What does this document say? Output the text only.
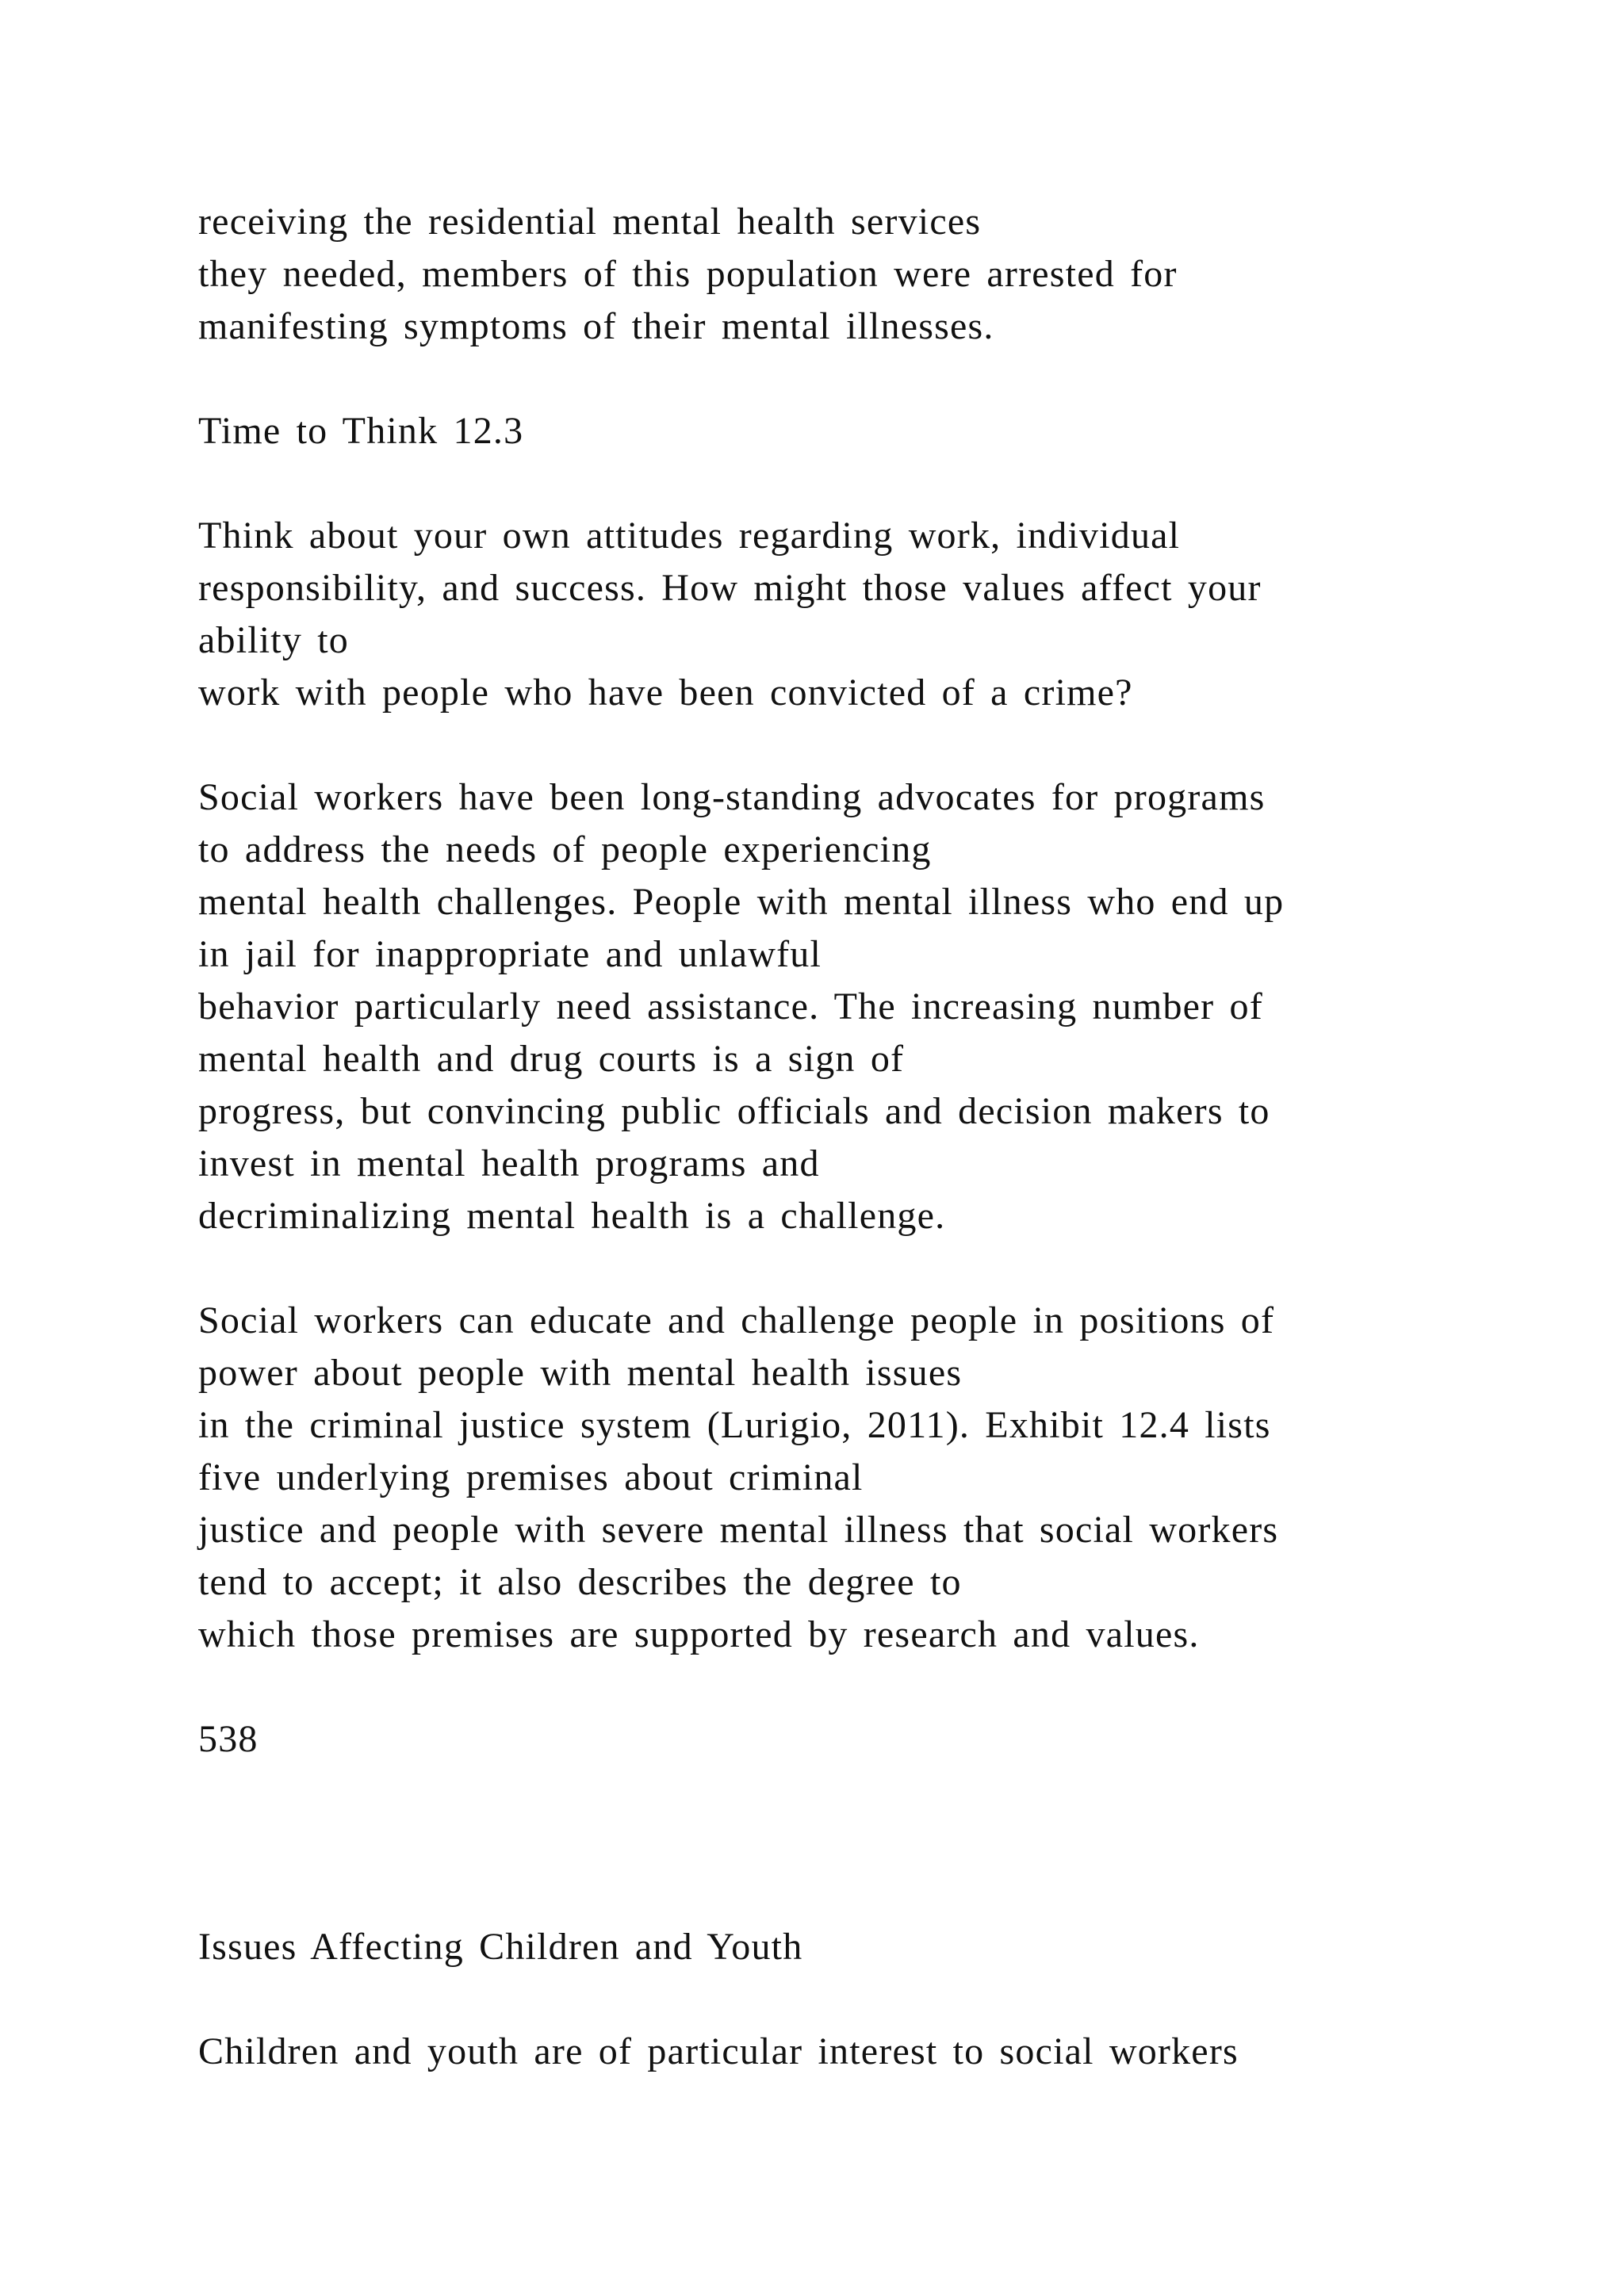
receiving the residential mental health services
they needed, members of this population were arrested for
manifesting symptoms of their mental illnesses.
Time to Think 12.3
Think about your own attitudes regarding work, individual
responsibility, and success. How might those values affect your
ability to
work with people who have been convicted of a crime?
Social workers have been long-standing advocates for programs
to address the needs of people experiencing
mental health challenges. People with mental illness who end up
in jail for inappropriate and unlawful
behavior particularly need assistance. The increasing number of
mental health and drug courts is a sign of
progress, but convincing public officials and decision makers to
invest in mental health programs and
decriminalizing mental health is a challenge.
Social workers can educate and challenge people in positions of
power about people with mental health issues
in the criminal justice system (Lurigio, 2011). Exhibit 12.4 lists
five underlying premises about criminal
justice and people with severe mental illness that social workers
tend to accept; it also describes the degree to
which those premises are supported by research and values.
538
Issues Affecting Children and Youth
Children and youth are of particular interest to social workers
